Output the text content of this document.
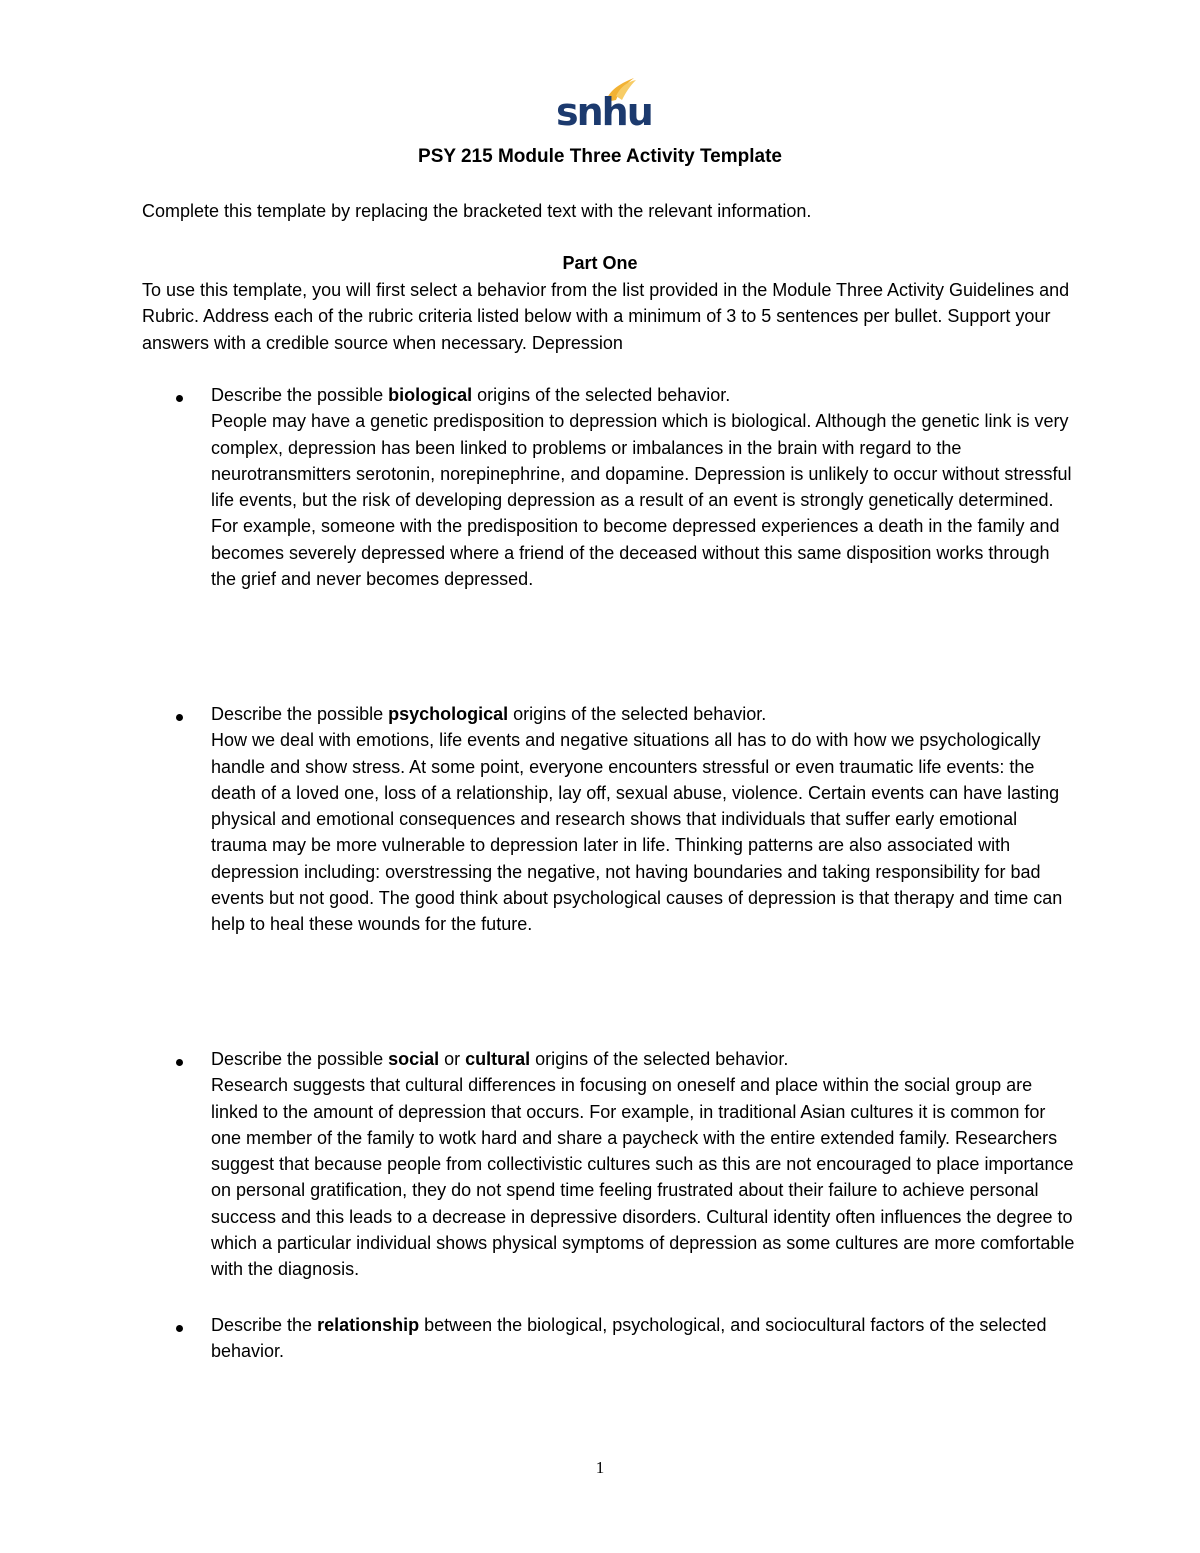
snhu
PSY 215 Module Three Activity Template
Complete this template by replacing the bracketed text with the relevant information.
Part One
To use this template, you will first select a behavior from the list provided in the Module Three Activity Guidelines and Rubric. Address each of the rubric criteria listed below with a minimum of 3 to 5 sentences per bullet. Support your answers with a credible source when necessary. Depression
Describe the possible biological origins of the selected behavior.
People may have a genetic predisposition to depression which is biological. Although the genetic link is very complex, depression has been linked to problems or imbalances in the brain with regard to the neurotransmitters serotonin, norepinephrine, and dopamine. Depression is unlikely to occur without stressful life events, but the risk of developing depression as a result of an event is strongly genetically determined. For example, someone with the predisposition to become depressed experiences a death in the family and becomes severely depressed where a friend of the deceased without this same disposition works through the grief and never becomes depressed.
Describe the possible psychological origins of the selected behavior.
How we deal with emotions, life events and negative situations all has to do with how we psychologically handle and show stress. At some point, everyone encounters stressful or even traumatic life events: the death of a loved one, loss of a relationship, lay off, sexual abuse, violence. Certain events can have lasting physical and emotional consequences and research shows that individuals that suffer early emotional trauma may be more vulnerable to depression later in life. Thinking patterns are also associated with depression including: overstressing the negative, not having boundaries and taking responsibility for bad events but not good. The good think about psychological causes of depression is that therapy and time can help to heal these wounds for the future.
Describe the possible social or cultural origins of the selected behavior.
Research suggests that cultural differences in focusing on oneself and place within the social group are linked to the amount of depression that occurs. For example, in traditional Asian cultures it is common for one member of the family to wotk hard and share a paycheck with the entire extended family. Researchers suggest that because people from collectivistic cultures such as this are not encouraged to place importance on personal gratification, they do not spend time feeling frustrated about their failure to achieve personal success and this leads to a decrease in depressive disorders. Cultural identity often influences the degree to which a particular individual shows physical symptoms of depression as some cultures are more comfortable with the diagnosis.
Describe the relationship between the biological, psychological, and sociocultural factors of the selected behavior.
1
